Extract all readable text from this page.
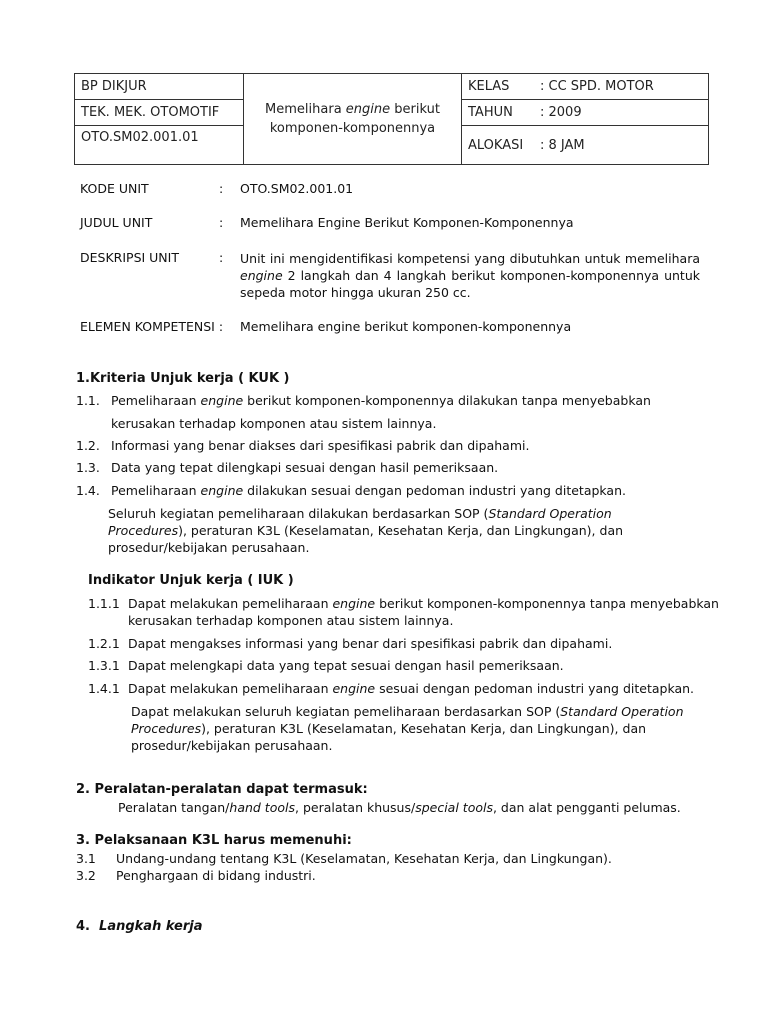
BP DIKJUR	Memelihara engine berikut komponen-komponennya	KELAS : CC SPD. MOTOR
TEK. MEK. OTOMOTIF		TAHUN : 2009
OTO.SM02.001.01		ALOKASI : 8 JAM
KODE UNIT	: OTO.SM02.001.01
JUDUL UNIT	: Memelihara Engine Berikut Komponen-Komponennya
DESKRIPSI UNIT	: Unit ini mengidentifikasi kompetensi yang dibutuhkan untuk memelihara engine 2 langkah dan 4 langkah berikut komponen-komponennya untuk sepeda motor hingga ukuran 250 cc.
ELEMEN KOMPETENSI : Memelihara engine berikut komponen-komponennya
1.Kriteria Unjuk kerja ( KUK )
1.1. Pemeliharaan engine berikut komponen-komponennya dilakukan tanpa menyebabkan
kerusakan terhadap komponen atau sistem lainnya.
1.2. Informasi yang benar diakses dari spesifikasi pabrik dan dipahami.
1.3. Data yang tepat dilengkapi sesuai dengan hasil pemeriksaan.
1.4. Pemeliharaan engine dilakukan sesuai dengan pedoman industri yang ditetapkan.
Seluruh kegiatan pemeliharaan dilakukan berdasarkan SOP (Standard Operation Procedures), peraturan K3L (Keselamatan, Kesehatan Kerja, dan Lingkungan), dan prosedur/kebijakan perusahaan.
Indikator Unjuk kerja ( IUK )
1.1.1 Dapat melakukan pemeliharaan engine berikut komponen-komponennya tanpa menyebabkan
kerusakan terhadap komponen atau sistem lainnya.
1.2.1 Dapat mengakses informasi yang benar dari spesifikasi pabrik dan dipahami.
1.3.1 Dapat melengkapi data yang tepat sesuai dengan hasil pemeriksaan.
1.4.1 Dapat melakukan pemeliharaan engine sesuai dengan pedoman industri yang ditetapkan.
Dapat melakukan seluruh kegiatan pemeliharaan berdasarkan SOP (Standard Operation Procedures), peraturan K3L (Keselamatan, Kesehatan Kerja, dan Lingkungan), dan prosedur/kebijakan perusahaan.
2. Peralatan-peralatan dapat termasuk:
Peralatan tangan/hand tools, peralatan khusus/special tools, dan alat pengganti pelumas.
3. Pelaksanaan K3L harus memenuhi:
3.1 Undang-undang tentang K3L (Keselamatan, Kesehatan Kerja, dan Lingkungan).
3.2 Penghargaan di bidang industri.
4. Langkah kerja
